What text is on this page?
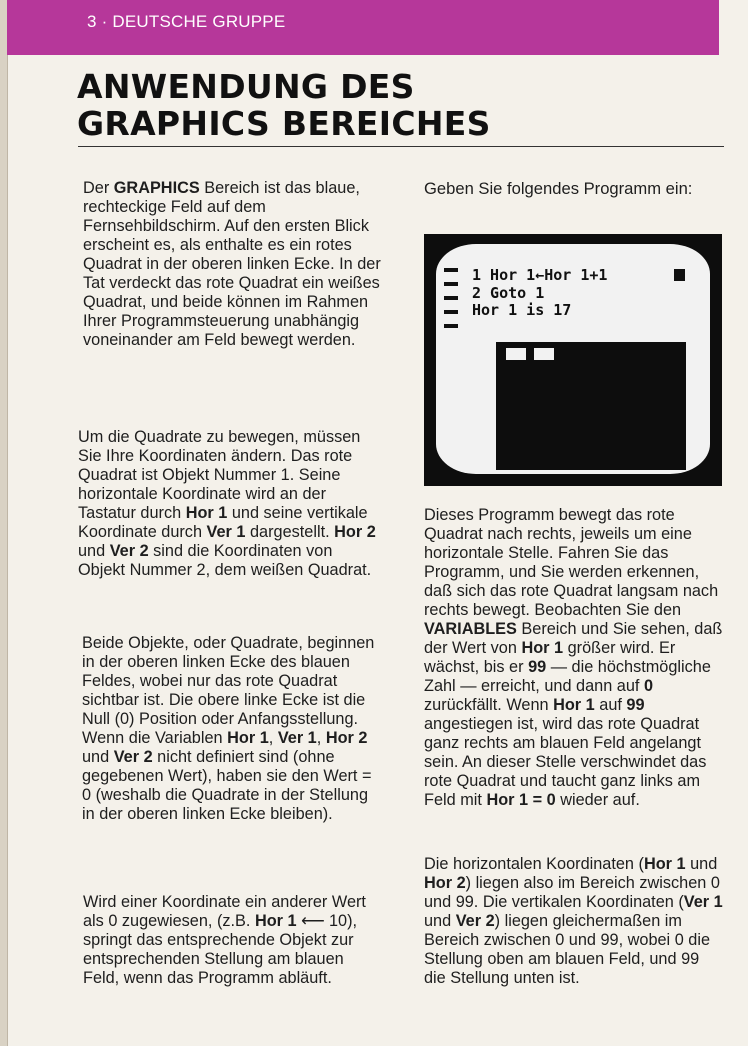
3 · DEUTSCHE GRUPPE
ANWENDUNG DES
GRAPHICS BEREICHES
Der GRAPHICS Bereich ist das blaue, rechteckige Feld auf dem Fernsehbildschirm. Auf den ersten Blick erscheint es, als enthalte es ein rotes Quadrat in der oberen linken Ecke. In der Tat verdeckt das rote Quadrat ein weißes Quadrat, und beide können im Rahmen Ihrer Programmsteuerung unabhängig voneinander am Feld bewegt werden.
Um die Quadrate zu bewegen, müssen Sie Ihre Koordinaten ändern. Das rote Quadrat ist Objekt Nummer 1. Seine horizontale Koordinate wird an der Tastatur durch Hor 1 und seine vertikale Koordinate durch Ver 1 dargestellt. Hor 2 und Ver 2 sind die Koordinaten von Objekt Nummer 2, dem weißen Quadrat.
Beide Objekte, oder Quadrate, beginnen in der oberen linken Ecke des blauen Feldes, wobei nur das rote Quadrat sichtbar ist. Die obere linke Ecke ist die Null (0) Position oder Anfangsstellung. Wenn die Variablen Hor 1, Ver 1, Hor 2 und Ver 2 nicht definiert sind (ohne gegebenen Wert), haben sie den Wert = 0 (weshalb die Quadrate in der Stellung in der oberen linken Ecke bleiben).
Wird einer Koordinate ein anderer Wert als 0 zugewiesen, (z.B. Hor 1 ⟵ 10), springt das entsprechende Objekt zur entsprechenden Stellung am blauen Feld, wenn das Programm abläuft.
Geben Sie folgendes Programm ein:
1 Hor 1←Hor 1+1
2 Goto 1
Hor 1 is 17
Dieses Programm bewegt das rote Quadrat nach rechts, jeweils um eine horizontale Stelle. Fahren Sie das Programm, und Sie werden erkennen, daß sich das rote Quadrat langsam nach rechts bewegt. Beobachten Sie den VARIABLES Bereich und Sie sehen, daß der Wert von Hor 1 größer wird. Er wächst, bis er 99 — die höchstmögliche Zahl — erreicht, und dann auf 0 zurückfällt. Wenn Hor 1 auf 99 angestiegen ist, wird das rote Quadrat ganz rechts am blauen Feld angelangt sein. An dieser Stelle verschwindet das rote Quadrat und taucht ganz links am Feld mit Hor 1 = 0 wieder auf.
Die horizontalen Koordinaten (Hor 1 und Hor 2) liegen also im Bereich zwischen 0 und 99. Die vertikalen Koordinaten (Ver 1 und Ver 2) liegen gleichermaßen im Bereich zwischen 0 und 99, wobei 0 die Stellung oben am blauen Feld, und 99 die Stellung unten ist.
